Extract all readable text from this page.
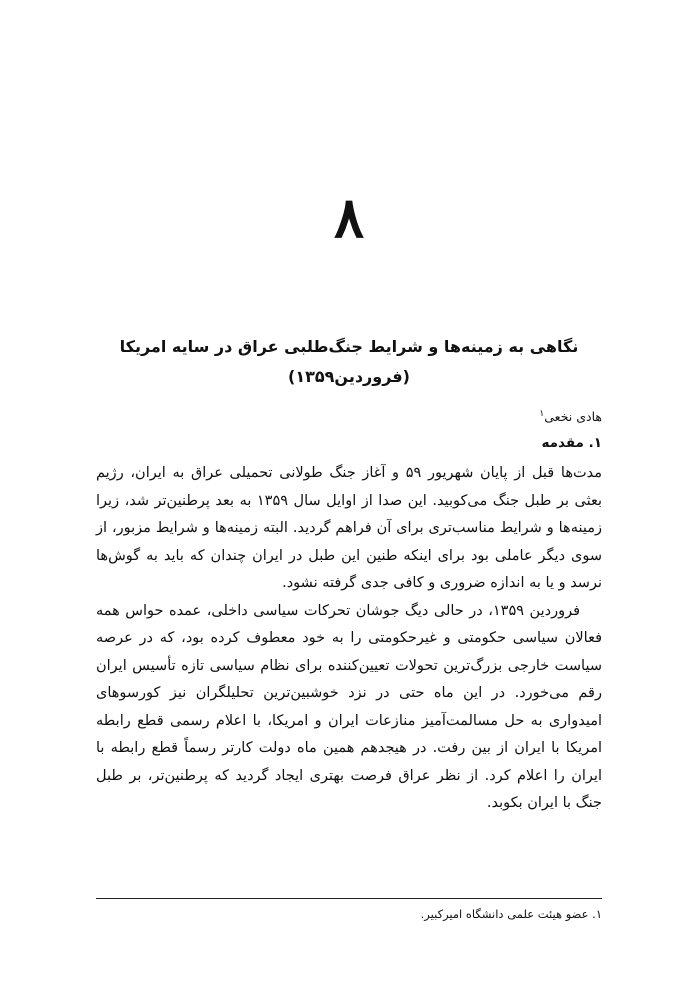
۸
نگاهی به زمینه‌ها و شرایط جنگ‌طلبی عراق در سایه امریکا
(فروردین۱۳۵۹)
هادی نخعی$^۱$
۱. مقدمه

مدت‌ها قبل از پایان شهریور ۵۹ و آغاز جنگ طولانی تحمیلی عراق به ایران، رژیم بعثی بر طبل جنگ می‌کوبید. این صدا از اوایل سال ۱۳۵۹ به بعد پرطنین‌تر شد، زیرا زمینه‌ها و شرایط مناسب‌تری برای آن فراهم گردید. البته زمینه‌ها و شرایط مزبور، از سوی دیگر عاملی بود برای اینکه طنین این طبل در ایران چندان که باید به گوش‌ها نرسد و یا به اندازه ضروری و کافی جدی گرفته نشود.

فروردین ۱۳۵۹، در حالی دیگ جوشان تحرکات سیاسی داخلی، عمده حواس همه فعالان سیاسی حکومتی و غیرحکومتی را به خود معطوف کرده بود، که در عرصه سیاست خارجی بزرگ‌ترین تحولات تعیین‌کننده برای نظام سیاسی تازه تأسیس ایران رقم می‌خورد. در این ماه حتی در نزد خوشبین‌ترین تحلیلگران نیز کورسوهای امیدواری به حل مسالمت‌آمیز منازعات ایران و امریکا، با اعلام رسمی قطع رابطه امریکا با ایران از بین رفت. در هیجدهم همین ماه دولت کارتر رسماً قطع رابطه با ایران را اعلام کرد. از نظر عراق فرصت بهتری ایجاد گردید که پرطنین‌تر، بر طبل جنگ با ایران بکوبد.

۱. عضو هیئت علمی دانشگاه امیرکبیر.
